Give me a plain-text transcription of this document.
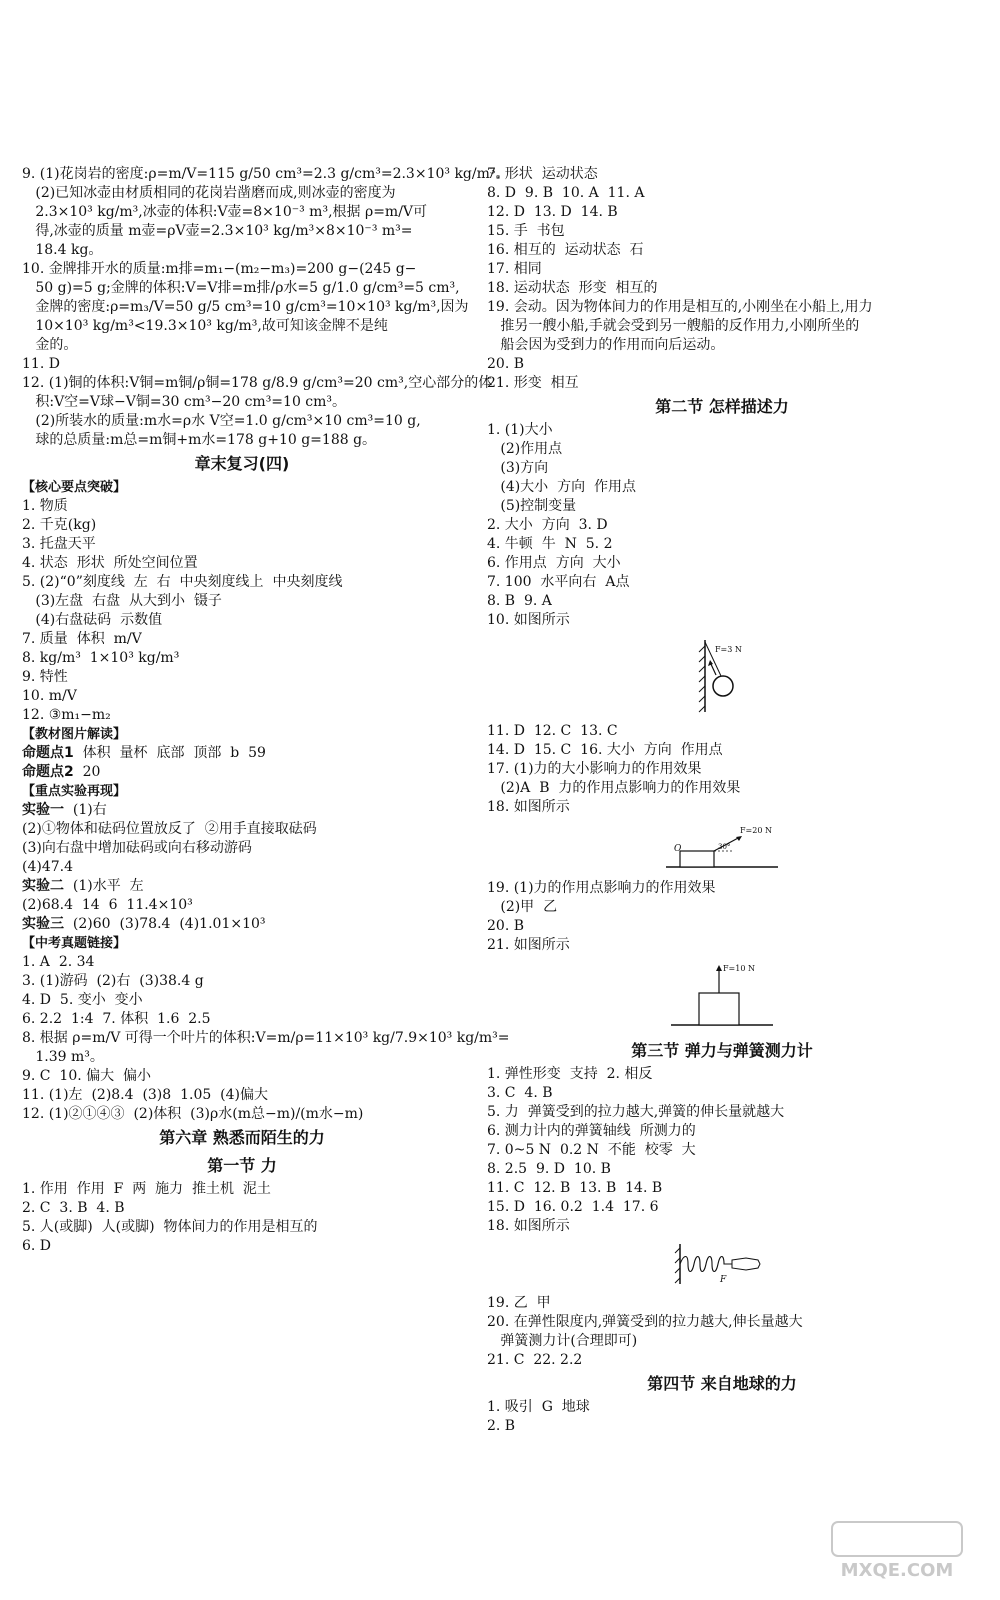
9. (1)花岗岩的密度:ρ=m/V=115 g/50 cm³=2.3 g/cm³=2.3×10³ kg/m³。
(2)已知冰壶由材质相同的花岗岩凿磨而成,则冰壶的密度为
2.3×10³ kg/m³,冰壶的体积:V壶=8×10⁻³ m³,根据 ρ=m/V可
得,冰壶的质量 m壶=ρV壶=2.3×10³ kg/m³×8×10⁻³ m³=
18.4 kg。
10. 金牌排开水的质量:m排=m₁−(m₂−m₃)=200 g−(245 g−
50 g)=5 g;金牌的体积:V=V排=m排/ρ水=5 g/1.0 g/cm³=5 cm³,
金牌的密度:ρ=m₃/V=50 g/5 cm³=10 g/cm³=10×10³ kg/m³,因为
10×10³ kg/m³<19.3×10³ kg/m³,故可知该金牌不是纯
金的。
11. D
12. (1)铜的体积:V铜=m铜/ρ铜=178 g/8.9 g/cm³=20 cm³,空心部分的体
积:V空=V球−V铜=30 cm³−20 cm³=10 cm³。
(2)所装水的质量:m水=ρ水 V空=1.0 g/cm³×10 cm³=10 g,
球的总质量:m总=m铜+m水=178 g+10 g=188 g。
章末复习(四)
【核心要点突破】
1. 物质
2. 千克(kg)
3. 托盘天平
4. 状态  形状  所处空间位置
5. (2)“0”刻度线  左  右  中央刻度线上  中央刻度线
(3)左盘  右盘  从大到小  镊子
(4)右盘砝码  示数值
7. 质量  体积  m/V
8. kg/m³  1×10³ kg/m³
9. 特性
10. m/V
12. ③m₁−m₂
【教材图片解读】
命题点1  体积  量杯  底部  顶部  b  59
命题点2  20
【重点实验再现】
实验一  (1)右
(2)①物体和砝码位置放反了  ②用手直接取砝码
(3)向右盘中增加砝码或向右移动游码
(4)47.4
实验二  (1)水平  左
(2)68.4  14  6  11.4×10³
实验三  (2)60  (3)78.4  (4)1.01×10³
【中考真题链接】
1. A  2. 34
3. (1)游码  (2)右  (3)38.4 g
4. D  5. 变小  变小
6. 2.2  1:4  7. 体积  1.6  2.5
8. 根据 ρ=m/V 可得一个叶片的体积:V=m/ρ=11×10³ kg/7.9×10³ kg/m³=
1.39 m³。
9. C  10. 偏大  偏小
11. (1)左  (2)8.4  (3)8  1.05  (4)偏大
12. (1)②①④③  (2)体积  (3)ρ水(m总−m)/(m水−m)
第六章 熟悉而陌生的力
第一节 力
1. 作用  作用  F  两  施力  推土机  泥土
2. C  3. B  4. B
5. 人(或脚)  人(或脚)  物体间力的作用是相互的
6. D
7. 形状  运动状态
8. D  9. B  10. A  11. A
12. D  13. D  14. B
15. 手  书包
16. 相互的  运动状态  石
17. 相同
18. 运动状态  形变  相互的
19. 会动。因为物体间力的作用是相互的,小刚坐在小船上,用力
推另一艘小船,手就会受到另一艘船的反作用力,小刚所坐的
船会因为受到力的作用而向后运动。
20. B
21. 形变  相互
第二节 怎样描述力
1. (1)大小
(2)作用点
(3)方向
(4)大小  方向  作用点
(5)控制变量
2. 大小  方向  3. D
4. 牛顿  牛  N  5. 2
6. 作用点  方向  大小
7. 100  水平向右  A点
8. B  9. A
10. 如图所示
F=3 N
11. D  12. C  13. C
14. D  15. C  16. 大小  方向  作用点
17. (1)力的大小影响力的作用效果
(2)A  B  力的作用点影响力的作用效果
18. 如图所示
O	30°
F=20 N
19. (1)力的作用点影响力的作用效果
(2)甲  乙
20. B
21. 如图所示
F=10 N
第三节 弹力与弹簧测力计
1. 弹性形变  支持  2. 相反
3. C  4. B
5. 力  弹簧受到的拉力越大,弹簧的伸长量就越大
6. 测力计内的弹簧轴线  所测力的
7. 0~5 N  0.2 N  不能  校零  大
8. 2.5  9. D  10. B
11. C  12. B  13. B  14. B
15. D  16. 0.2  1.4  17. 6
18. 如图所示
F
19. 乙  甲
20. 在弹性限度内,弹簧受到的拉力越大,伸长量越大
弹簧测力计(合理即可)
21. C  22. 2.2
第四节 来自地球的力
1. 吸引  G  地球
2. B
MXQE.COM
